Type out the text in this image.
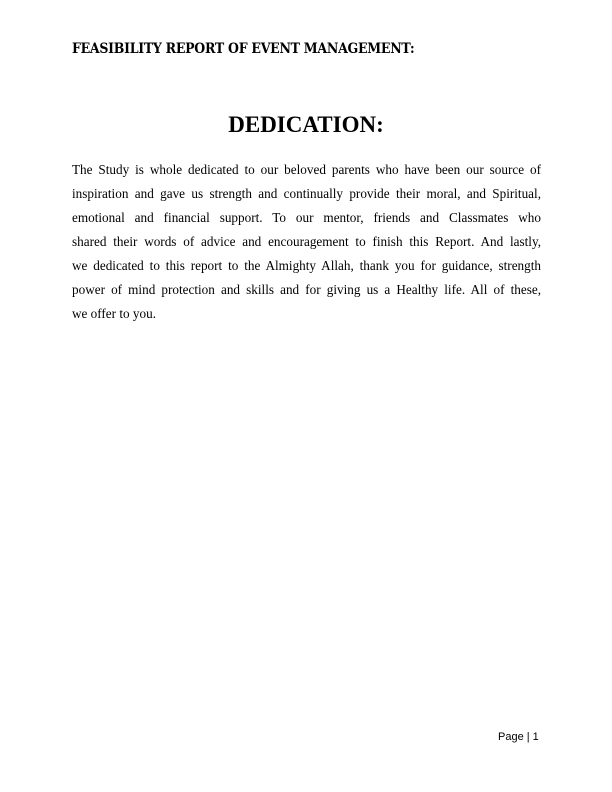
FEASIBILITY REPORT OF EVENT MANAGEMENT:
DEDICATION:
The Study is whole dedicated to our beloved parents who have been our source of
inspiration and gave us strength and continually provide their moral, and Spiritual,
emotional and financial support. To our mentor, friends and Classmates who
shared their words of advice and encouragement to finish this Report. And lastly,
we dedicated to this report to the Almighty Allah, thank you for guidance, strength
power of mind protection and skills and for giving us a Healthy life. All of these,
we offer to you.
Page | 1
